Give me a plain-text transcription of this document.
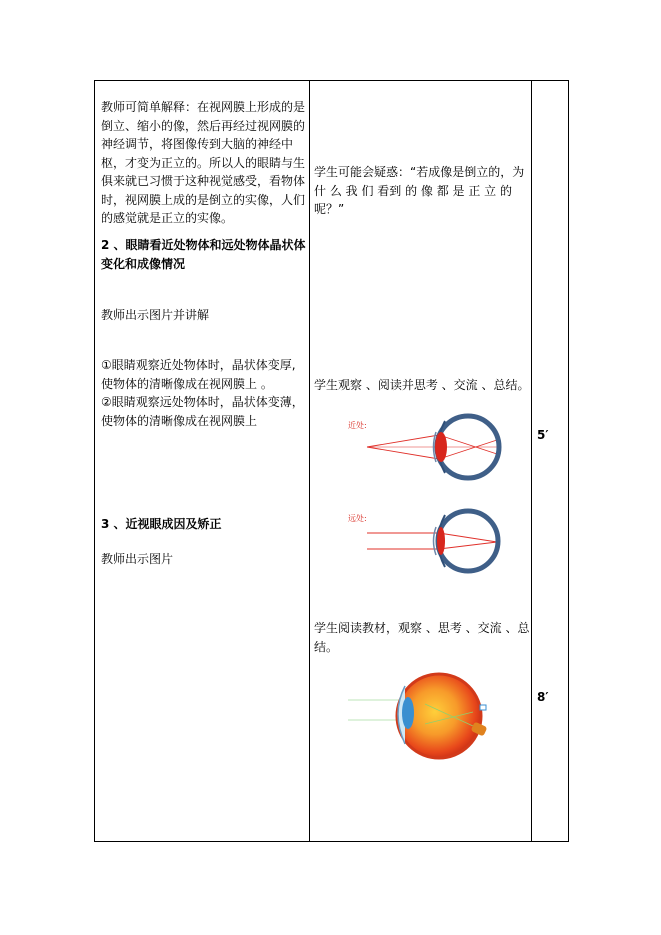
教师可简单解释：在视网膜上形成的是倒立、缩小的像，然后再经过视网膜的神经调节，将图像传到大脑的神经中枢，才变为正立的。所以人的眼睛与生俱来就已习惯于这种视觉感受，看物体时，视网膜上成的是倒立的实像，人们的感觉就是正立的实像。

2 、眼睛看近处物体和远处物体晶状体变化和成像情况

教师出示图片并讲解

①眼睛观察近处物体时，晶状体变厚,使物体的清晰像成在视网膜上 。

②眼睛观察远处物体时，晶状体变薄，使物体的清晰像成在视网膜上

3 、近视眼成因及矫正

教师出示图片

学生可能会疑惑：“若成像是倒立的，为 什 么 我 们 看到 的 像 都 是 正 立 的呢？”

学生观察 、阅读并思考 、交流 、总结。

近处:
远处:

学生阅读教材，观察 、思考 、交流 、总结。

5′
8′
